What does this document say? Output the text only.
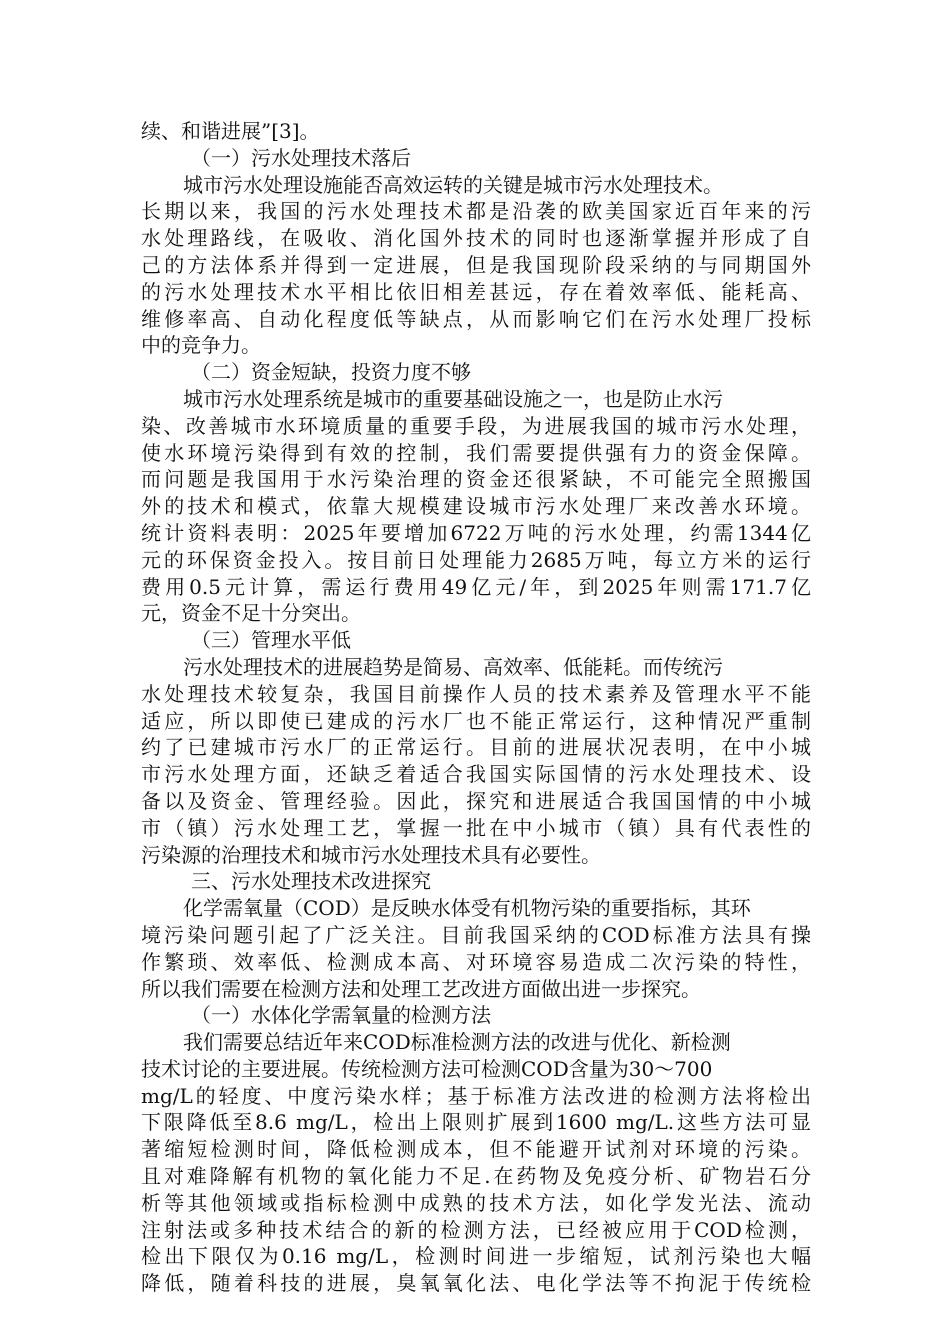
续、和谐进展”[3]。
（一）污水处理技术落后
城市污水处理设施能否高效运转的关键是城市污水处理技术。
长期以来，我国的污水处理技术都是沿袭的欧美国家近百年来的污
水处理路线，在吸收、消化国外技术的同时也逐渐掌握并形成了自
己的方法体系并得到一定进展，但是我国现阶段采纳的与同期国外
的污水处理技术水平相比依旧相差甚远，存在着效率低、能耗高、
维修率高、自动化程度低等缺点，从而影响它们在污水处理厂投标
中的竞争力。
（二）资金短缺，投资力度不够
城市污水处理系统是城市的重要基础设施之一，也是防止水污
染、改善城市水环境质量的重要手段，为进展我国的城市污水处理，
使水环境污染得到有效的控制，我们需要提供强有力的资金保障。
而问题是我国用于水污染治理的资金还很紧缺，不可能完全照搬国
外的技术和模式，依靠大规模建设城市污水处理厂来改善水环境。
统计资料表明：2025年要增加6722万吨的污水处理，约需1344亿
元的环保资金投入。按目前日处理能力2685万吨，每立方米的运行
费用0.5元计算，需运行费用49亿元/年，到2025年则需171.7亿
元，资金不足十分突出。
（三）管理水平低
污水处理技术的进展趋势是简易、高效率、低能耗。而传统污
水处理技术较复杂，我国目前操作人员的技术素养及管理水平不能
适应，所以即使已建成的污水厂也不能正常运行，这种情况严重制
约了已建城市污水厂的正常运行。目前的进展状况表明，在中小城
市污水处理方面，还缺乏着适合我国实际国情的污水处理技术、设
备以及资金、管理经验。因此，探究和进展适合我国国情的中小城
市（镇）污水处理工艺，掌握一批在中小城市（镇）具有代表性的
污染源的治理技术和城市污水处理技术具有必要性。
三、污水处理技术改进探究
化学需氧量（COD）是反映水体受有机物污染的重要指标，其环
境污染问题引起了广泛关注。目前我国采纳的COD标准方法具有操
作繁琐、效率低、检测成本高、对环境容易造成二次污染的特性，
所以我们需要在检测方法和处理工艺改进方面做出进一步探究。
（一）水体化学需氧量的检测方法
我们需要总结近年来COD标准检测方法的改进与优化、新检测
技术讨论的主要进展。传统检测方法可检测COD含量为30～700
mg/L的轻度、中度污染水样；基于标准方法改进的检测方法将检出
下限降低至8.6 mg/L，检出上限则扩展到1600 mg/L.这些方法可显
著缩短检测时间，降低检测成本，但不能避开试剂对环境的污染。
且对难降解有机物的氧化能力不足.在药物及免疫分析、矿物岩石分
析等其他领域或指标检测中成熟的技术方法，如化学发光法、流动
注射法或多种技术结合的新的检测方法，已经被应用于COD检测，
检出下限仅为0.16 mg/L，检测时间进一步缩短，试剂污染也大幅
降低，随着科技的进展，臭氧氧化法、电化学法等不拘泥于传统检
